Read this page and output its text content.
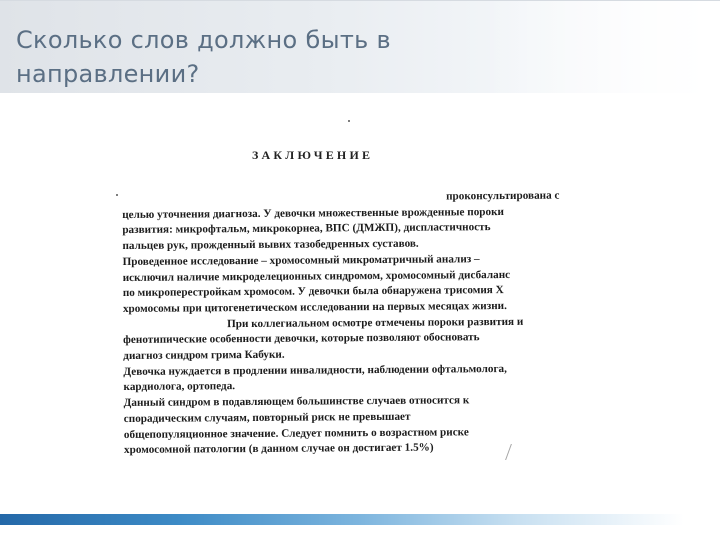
Сколько слов должно быть в направлении?
ЗАКЛЮЧЕНИЕ
проконсультирована с
целью уточнения диагноза. У девочки множественные врожденные пороки
развития: микрофтальм, микрокорнеа, ВПС (ДМЖП), диспластичность
пальцев рук, прожденный вывих тазобедренных суставов.
Проведенное исследование – хромосомный микроматричный анализ –
исключил наличие микроделеционных синдромом, хромосомный дисбаланс
по микроперестройкам хромосом. У девочки была обнаружена трисомия Х
хромосомы при цитогенетическом исследовании на первых месяцах жизни.
При коллегиальном осмотре отмечены пороки развития и
фенотипические особенности девочки, которые позволяют обосновать
диагноз синдром грима Кабуки.
Девочка нуждается в продлении инвалидности, наблюдении офтальмолога,
кардиолога, ортопеда.
Данный синдром в подавляющем большинстве случаев относится к
спорадическим случаям, повторный риск не превышает
общепопуляционное значение. Следует помнить о возрастном риске
хромосомной патологии (в данном случае он достигает 1.5%)
